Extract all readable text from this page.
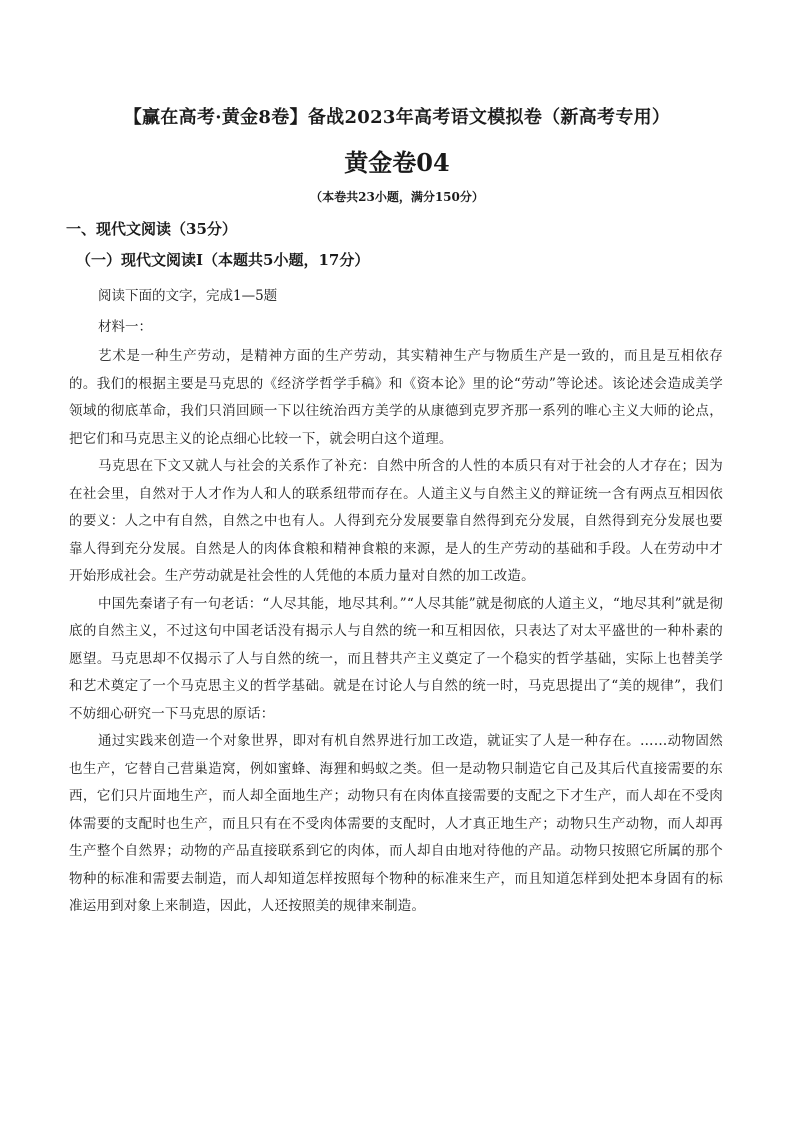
【赢在高考·黄金8卷】备战2023年高考语文模拟卷（新高考专用）
黄金卷04
（本卷共23小题，满分150分）
一、现代文阅读（35分）
（一）现代文阅读Ⅰ（本题共5小题，17分）
阅读下面的文字，完成1—5题
材料一：

艺术是一种生产劳动，是精神方面的生产劳动，其实精神生产与物质生产是一致的，而且是互相依存的。我们的根据主要是马克思的《经济学哲学手稿》和《资本论》里的论“劳动”等论述。该论述会造成美学领域的彻底革命，我们只消回顾一下以往统治西方美学的从康德到克罗齐那一系列的唯心主义大师的论点，把它们和马克思主义的论点细心比较一下，就会明白这个道理。

马克思在下文又就人与社会的关系作了补充：自然中所含的人性的本质只有对于社会的人才存在；因为在社会里，自然对于人才作为人和人的联系纽带而存在。人道主义与自然主义的辩证统一含有两点互相因依的要义：人之中有自然，自然之中也有人。人得到充分发展要靠自然得到充分发展，自然得到充分发展也要靠人得到充分发展。自然是人的肉体食粮和精神食粮的来源，是人的生产劳动的基础和手段。人在劳动中才开始形成社会。生产劳动就是社会性的人凭他的本质力量对自然的加工改造。

中国先秦诸子有一句老话：“人尽其能，地尽其利。”“人尽其能”就是彻底的人道主义，“地尽其利”就是彻底的自然主义，不过这句中国老话没有揭示人与自然的统一和互相因依，只表达了对太平盛世的一种朴素的愿望。马克思却不仅揭示了人与自然的统一，而且替共产主义奠定了一个稳实的哲学基础，实际上也替美学和艺术奠定了一个马克思主义的哲学基础。就是在讨论人与自然的统一时，马克思提出了“美的规律”，我们不妨细心研究一下马克思的原话：

通过实践来创造一个对象世界，即对有机自然界进行加工改造，就证实了人是一种存在。……动物固然也生产，它替自己营巢造窝，例如蜜蜂、海狸和蚂蚁之类。但一是动物只制造它自己及其后代直接需要的东西，它们只片面地生产，而人却全面地生产；动物只有在肉体直接需要的支配之下才生产，而人却在不受肉体需要的支配时也生产，而且只有在不受肉体需要的支配时，人才真正地生产；动物只生产动物，而人却再生产整个自然界；动物的产品直接联系到它的肉体，而人却自由地对待他的产品。动物只按照它所属的那个物种的标准和需要去制造，而人却知道怎样按照每个物种的标准来生产，而且知道怎样到处把本身固有的标准运用到对象上来制造，因此，人还按照美的规律来制造。
